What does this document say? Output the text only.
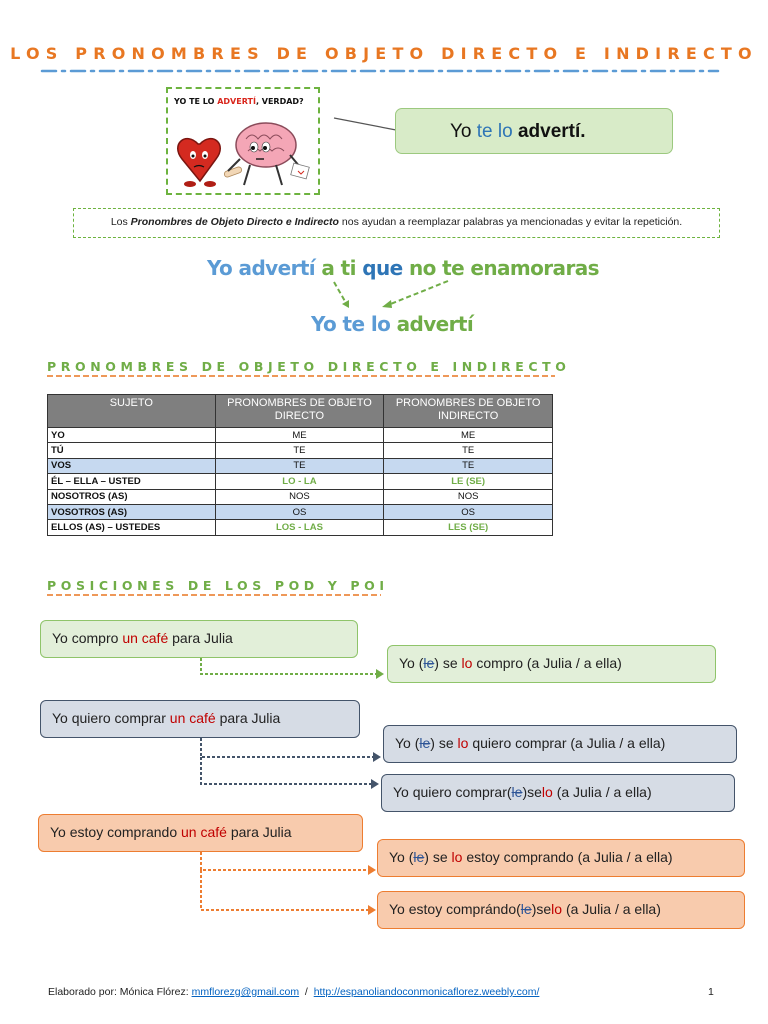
LOS PRONOMBRES DE OBJETO DIRECTO E INDIRECTO
YO TE LO ADVERTÍ, VERDAD?
Yo te lo advertí.
Los Pronombres de Objeto Directo e Indirecto nos ayudan a reemplazar palabras ya mencionadas y evitar la repetición.
Yo advertí a ti que no te enamoraras
Yo te lo advertí
PRONOMBRES DE OBJETO DIRECTO E INDIRECTO
SUJETO	PRONOMBRES DE OBJETO DIRECTO	PRONOMBRES DE OBJETO INDIRECTO
YO	ME	ME
TÚ	TE	TE
VOS	TE	TE
ÉL – ELLA – USTED	LO - LA	LE (SE)
NOSOTROS (AS)	NOS	NOS
VOSOTROS (AS)	OS	OS
ELLOS (AS) – USTEDES	LOS - LAS	LES (SE)
POSICIONES DE LOS POD Y POI
Yo compro un café para Julia
Yo (le) se lo compro (a Julia / a ella)
Yo quiero comprar un café para Julia
Yo (le) se lo quiero comprar (a Julia / a ella)
Yo quiero comprar(le)selo (a Julia / a ella)
Yo estoy comprando un café para Julia
Yo (le) se lo estoy comprando (a Julia / a ella)
Yo estoy comprándo(le)selo (a Julia / a ella)
Elaborado por: Mónica Flórez: mmflorezg@gmail.com  /  http://espanoliandoconmonicaflorez.weebly.com/	1
